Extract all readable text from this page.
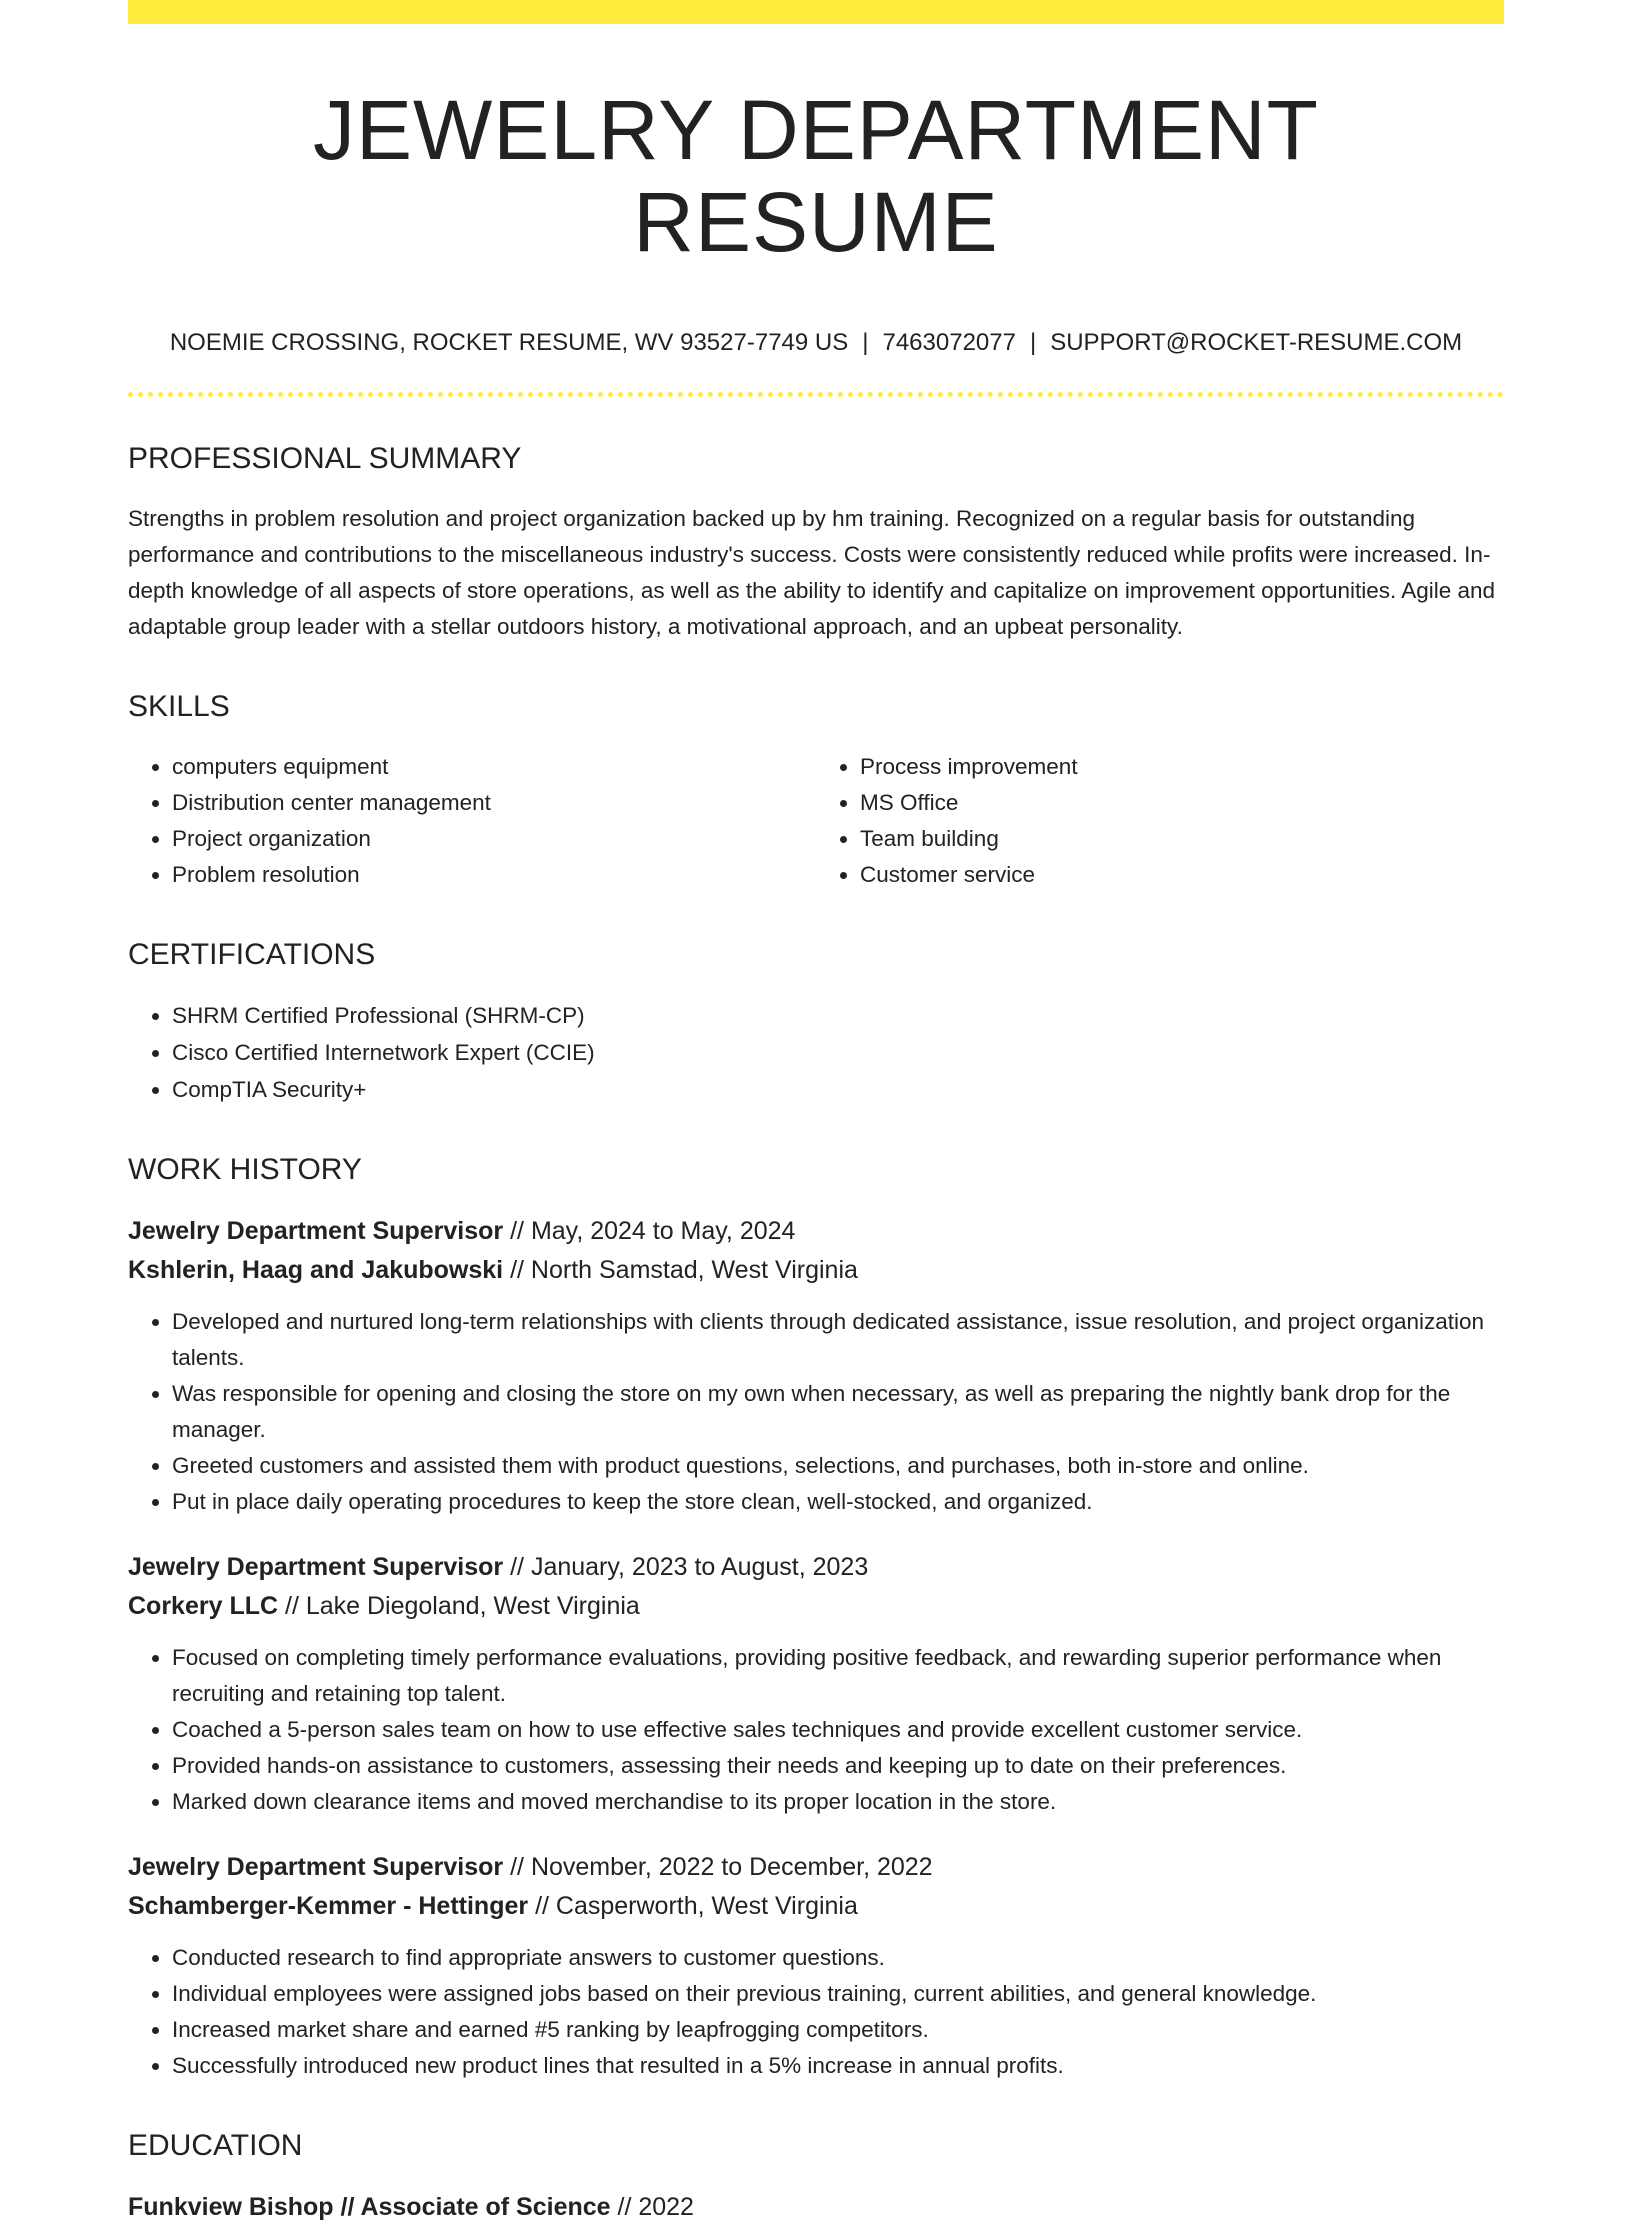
JEWELRY DEPARTMENT RESUME
NOEMIE CROSSING, ROCKET RESUME, WV 93527-7749 US | 7463072077 | SUPPORT@ROCKET-RESUME.COM
PROFESSIONAL SUMMARY
Strengths in problem resolution and project organization backed up by hm training. Recognized on a regular basis for outstanding performance and contributions to the miscellaneous industry's success. Costs were consistently reduced while profits were increased. In-depth knowledge of all aspects of store operations, as well as the ability to identify and capitalize on improvement opportunities. Agile and adaptable group leader with a stellar outdoors history, a motivational approach, and an upbeat personality.
SKILLS
• computers equipment
• Distribution center management
• Project organization
• Problem resolution
• Process improvement
• MS Office
• Team building
• Customer service
CERTIFICATIONS
• SHRM Certified Professional (SHRM-CP)
• Cisco Certified Internetwork Expert (CCIE)
• CompTIA Security+
WORK HISTORY
Jewelry Department Supervisor // May, 2024 to May, 2024
Kshlerin, Haag and Jakubowski // North Samstad, West Virginia
• Developed and nurtured long-term relationships with clients through dedicated assistance, issue resolution, and project organization talents.
• Was responsible for opening and closing the store on my own when necessary, as well as preparing the nightly bank drop for the manager.
• Greeted customers and assisted them with product questions, selections, and purchases, both in-store and online.
• Put in place daily operating procedures to keep the store clean, well-stocked, and organized.
Jewelry Department Supervisor // January, 2023 to August, 2023
Corkery LLC // Lake Diegoland, West Virginia
• Focused on completing timely performance evaluations, providing positive feedback, and rewarding superior performance when recruiting and retaining top talent.
• Coached a 5-person sales team on how to use effective sales techniques and provide excellent customer service.
• Provided hands-on assistance to customers, assessing their needs and keeping up to date on their preferences.
• Marked down clearance items and moved merchandise to its proper location in the store.
Jewelry Department Supervisor // November, 2022 to December, 2022
Schamberger-Kemmer - Hettinger // Casperworth, West Virginia
• Conducted research to find appropriate answers to customer questions.
• Individual employees were assigned jobs based on their previous training, current abilities, and general knowledge.
• Increased market share and earned #5 ranking by leapfrogging competitors.
• Successfully introduced new product lines that resulted in a 5% increase in annual profits.
EDUCATION
Funkview Bishop // Associate of Science // 2022
